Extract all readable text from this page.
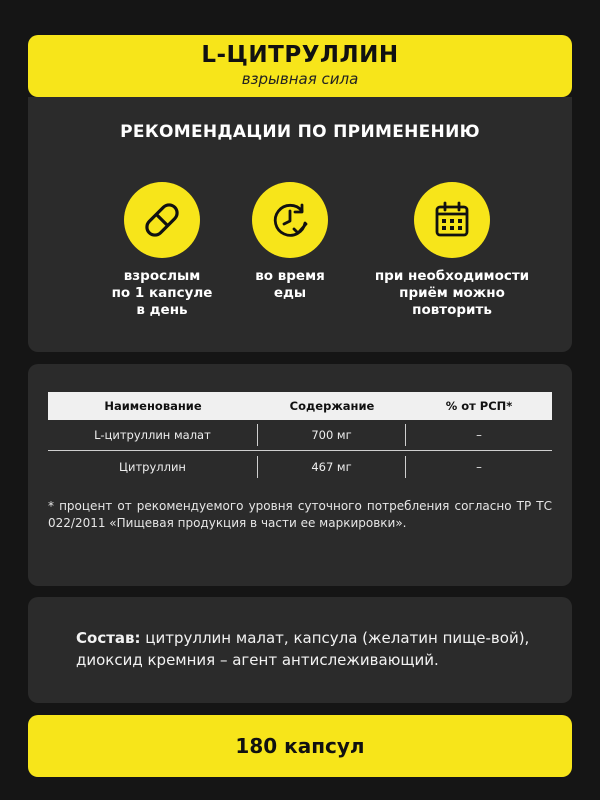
L-ЦИТРУЛЛИН
взрывная сила
РЕКОМЕНДАЦИИ ПО ПРИМЕНЕНИЮ
взрослым
по 1 капсуле
в день
во время
еды
при необходимости
приём можно
повторить
Наименование	Содержание	% от РСП*
L-цитруллин малат	700 мг	–
Цитруллин	467 мг	–
* процент от рекомендуемого уровня суточного потребления согласно ТР ТС 022/2011 «Пищевая продукция в части ее маркировки».
Состав: цитруллин малат, капсула (желатин пище-вой), диоксид кремния – агент антислеживающий.
180 капсул
